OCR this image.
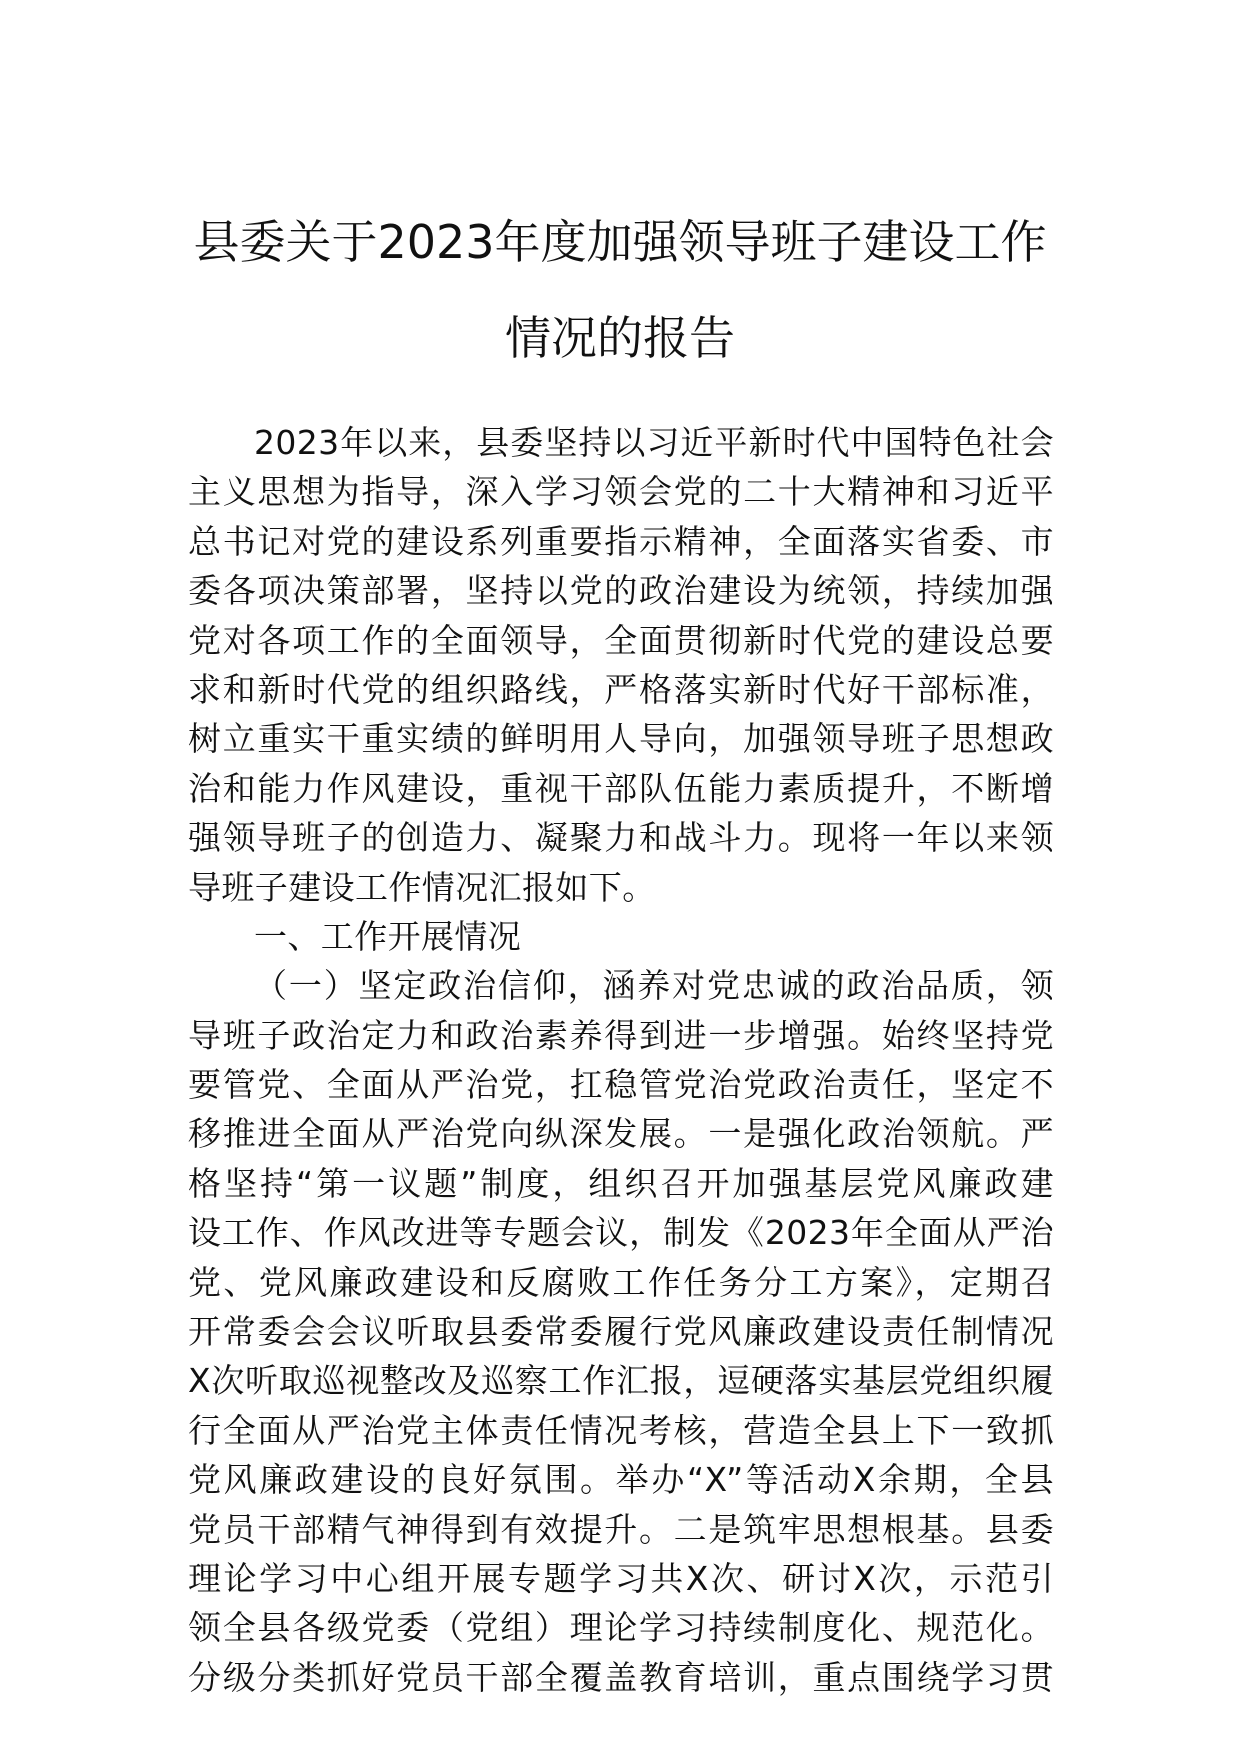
县委关于2023年度加强领导班子建设工作
情况的报告
2023年以来，县委坚持以习近平新时代中国特色社会
主义思想为指导，深入学习领会党的二十大精神和习近平
总书记对党的建设系列重要指示精神，全面落实省委、市
委各项决策部署，坚持以党的政治建设为统领，持续加强
党对各项工作的全面领导，全面贯彻新时代党的建设总要
求和新时代党的组织路线，严格落实新时代好干部标准，
树立重实干重实绩的鲜明用人导向，加强领导班子思想政
治和能力作风建设，重视干部队伍能力素质提升，不断增
强领导班子的创造力、凝聚力和战斗力。现将一年以来领
导班子建设工作情况汇报如下。
一、工作开展情况
（一）坚定政治信仰，涵养对党忠诚的政治品质，领
导班子政治定力和政治素养得到进一步增强。始终坚持党
要管党、全面从严治党，扛稳管党治党政治责任，坚定不
移推进全面从严治党向纵深发展。一是强化政治领航。严
格坚持“第一议题”制度，组织召开加强基层党风廉政建
设工作、作风改进等专题会议，制发《2023年全面从严治
党、党风廉政建设和反腐败工作任务分工方案》，定期召
开常委会会议听取县委常委履行党风廉政建设责任制情况
X次听取巡视整改及巡察工作汇报，逗硬落实基层党组织履
行全面从严治党主体责任情况考核，营造全县上下一致抓
党风廉政建设的良好氛围。举办“X”等活动X余期，全县
党员干部精气神得到有效提升。二是筑牢思想根基。县委
理论学习中心组开展专题学习共X次、研讨X次，示范引
领全县各级党委（党组）理论学习持续制度化、规范化。
分级分类抓好党员干部全覆盖教育培训，重点围绕学习贯
